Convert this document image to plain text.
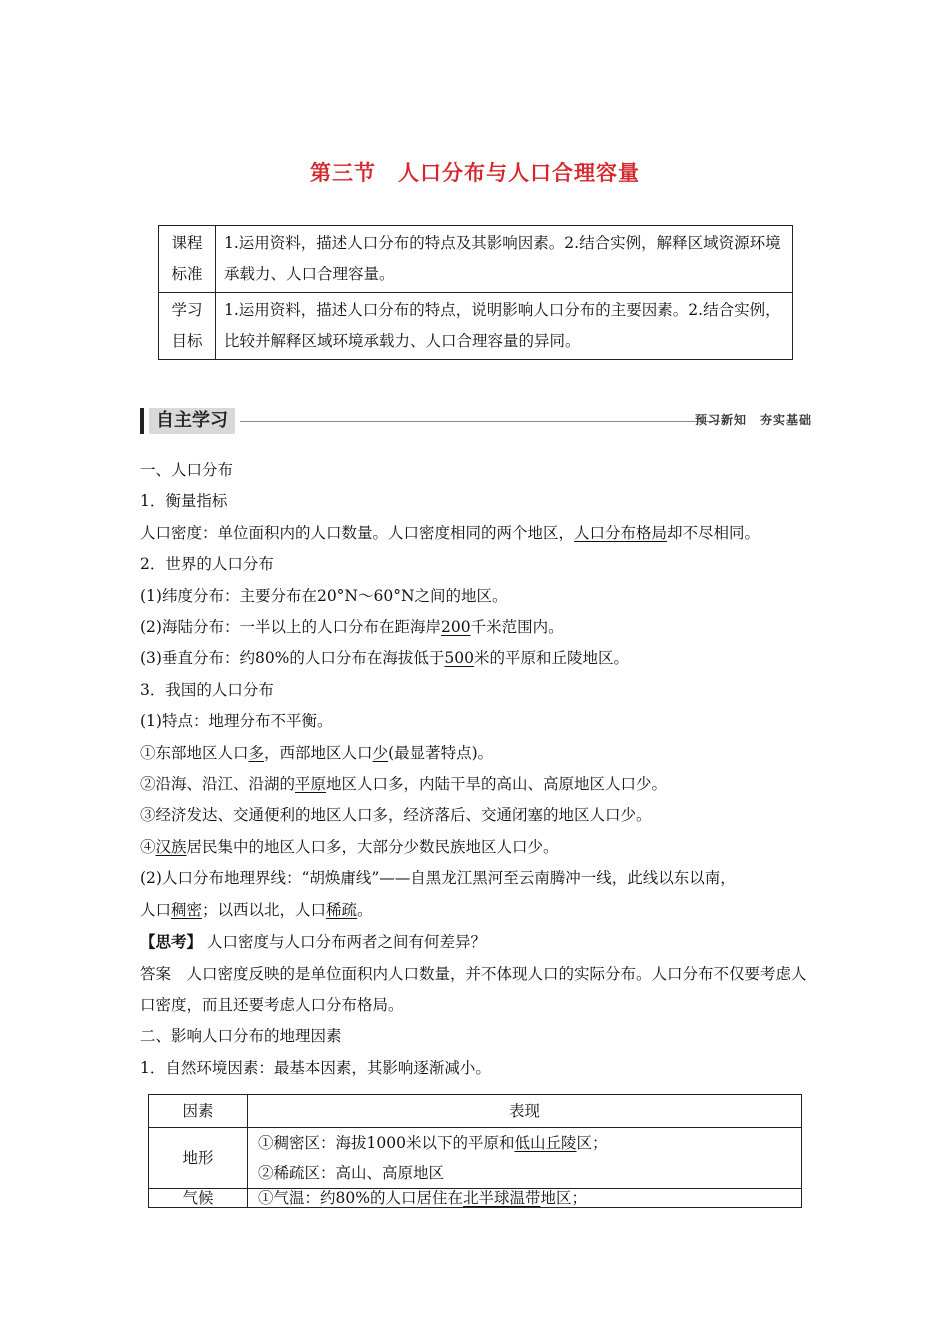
第三节 人口分布与人口合理容量
课程
标准	1.运用资料，描述人口分布的特点及其影响因素。2.结合实例，解释区域资源环境承载力、人口合理容量。
学习
目标	1.运用资料，描述人口分布的特点，说明影响人口分布的主要因素。2.结合实例，比较并解释区域环境承载力、人口合理容量的异同。
自主学习	预习新知　夯实基础

一、人口分布

1．衡量指标

人口密度：单位面积内的人口数量。人口密度相同的两个地区，人口分布格局却不尽相同。

2．世界的人口分布

(1)纬度分布：主要分布在20°N～60°N之间的地区。

(2)海陆分布：一半以上的人口分布在距海岸200千米范围内。

(3)垂直分布：约80%的人口分布在海拔低于500米的平原和丘陵地区。

3．我国的人口分布

(1)特点：地理分布不平衡。

①东部地区人口多，西部地区人口少(最显著特点)。

②沿海、沿江、沿湖的平原地区人口多，内陆干旱的高山、高原地区人口少。

③经济发达、交通便利的地区人口多，经济落后、交通闭塞的地区人口少。

④汉族居民集中的地区人口多，大部分少数民族地区人口少。

(2)人口分布地理界线：“胡焕庸线”——自黑龙江黑河至云南腾冲一线，此线以东以南，

人口稠密；以西以北，人口稀疏。

【思考】 人口密度与人口分布两者之间有何差异？

答案  人口密度反映的是单位面积内人口数量，并不体现人口的实际分布。人口分布不仅要考虑人口密度，而且还要考虑人口分布格局。

二、影响人口分布的地理因素

1．自然环境因素：最基本因素，其影响逐渐减小。

因素	表现
地形	①稠密区：海拔1000米以下的平原和低山丘陵区；
②稀疏区：高山、高原地区

气候	①气温：约80%的人口居住在北半球温带地区；
